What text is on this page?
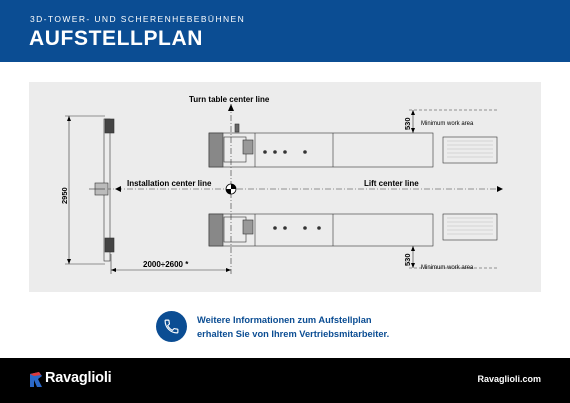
3D-TOWER- UND SCHERENHEBEBÜHNEN
AUFSTELLPLAN
Turn table center line
Installation center line	Lift center line
Minimum work area
Minimum work area
530
530
2950
2000÷2600 *
Weitere Informationen zum Aufstellplan
erhalten Sie von Ihrem Vertriebsmitarbeiter.
Ravaglioli	Ravaglioli.com
